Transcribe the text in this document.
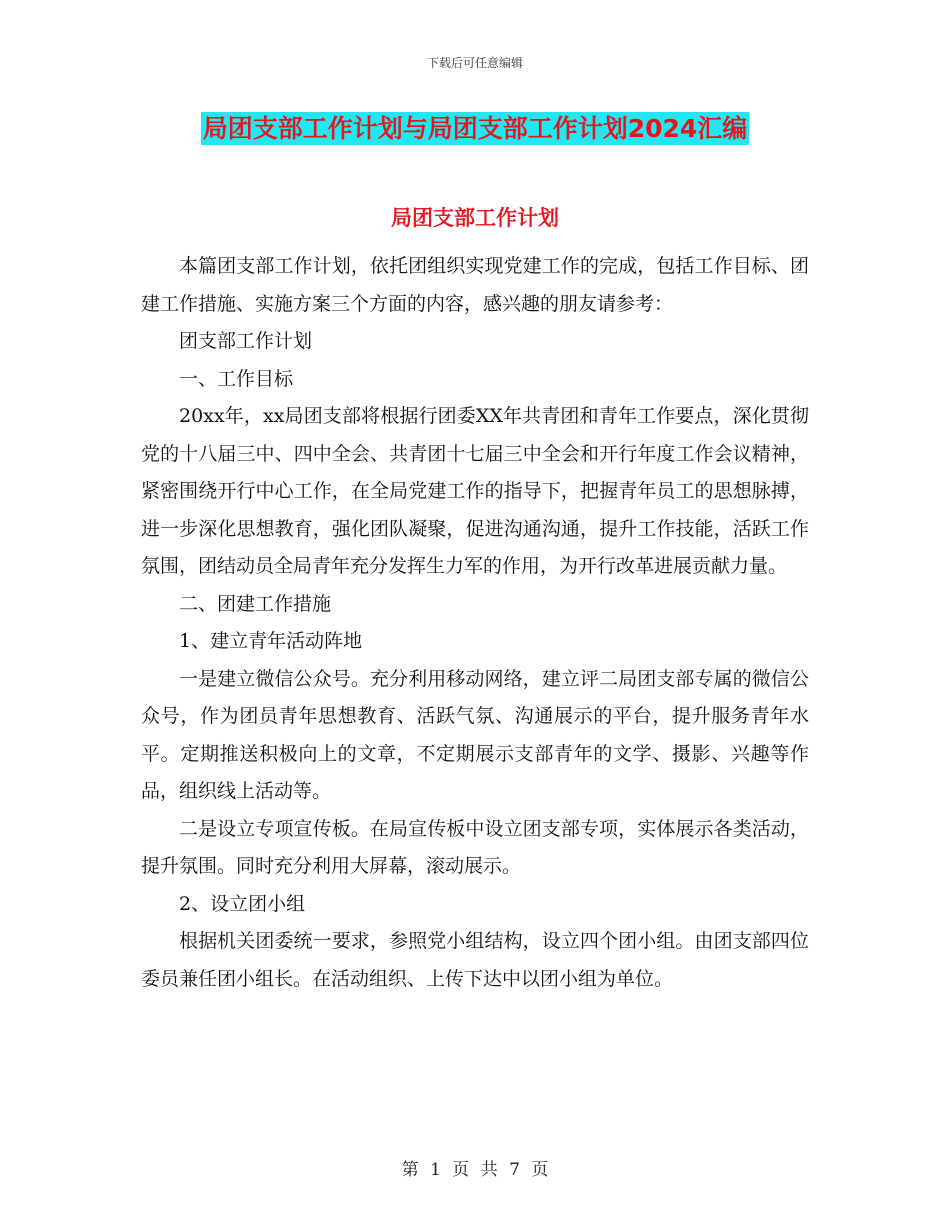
下载后可任意编辑
局团支部工作计划与局团支部工作计划2024汇编
局团支部工作计划

本篇团支部工作计划，依托团组织实现党建工作的完成，包括工作目标、团建工作措施、实施方案三个方面的内容，感兴趣的朋友请参考：

团支部工作计划

一、工作目标

20xx年，xx局团支部将根据行团委XX年共青团和青年工作要点，深化贯彻党的十八届三中、四中全会、共青团十七届三中全会和开行年度工作会议精神，紧密围绕开行中心工作，在全局党建工作的指导下，把握青年员工的思想脉搏，进一步深化思想教育，强化团队凝聚，促进沟通沟通，提升工作技能，活跃工作氛围，团结动员全局青年充分发挥生力军的作用，为开行改革进展贡献力量。

二、团建工作措施

1、建立青年活动阵地

一是建立微信公众号。充分利用移动网络，建立评二局团支部专属的微信公众号，作为团员青年思想教育、活跃气氛、沟通展示的平台，提升服务青年水平。定期推送积极向上的文章，不定期展示支部青年的文学、摄影、兴趣等作品，组织线上活动等。

二是设立专项宣传板。在局宣传板中设立团支部专项，实体展示各类活动，提升氛围。同时充分利用大屏幕，滚动展示。

2、设立团小组

根据机关团委统一要求，参照党小组结构，设立四个团小组。由团支部四位委员兼任团小组长。在活动组织、上传下达中以团小组为单位。

第 1 页 共 7 页
